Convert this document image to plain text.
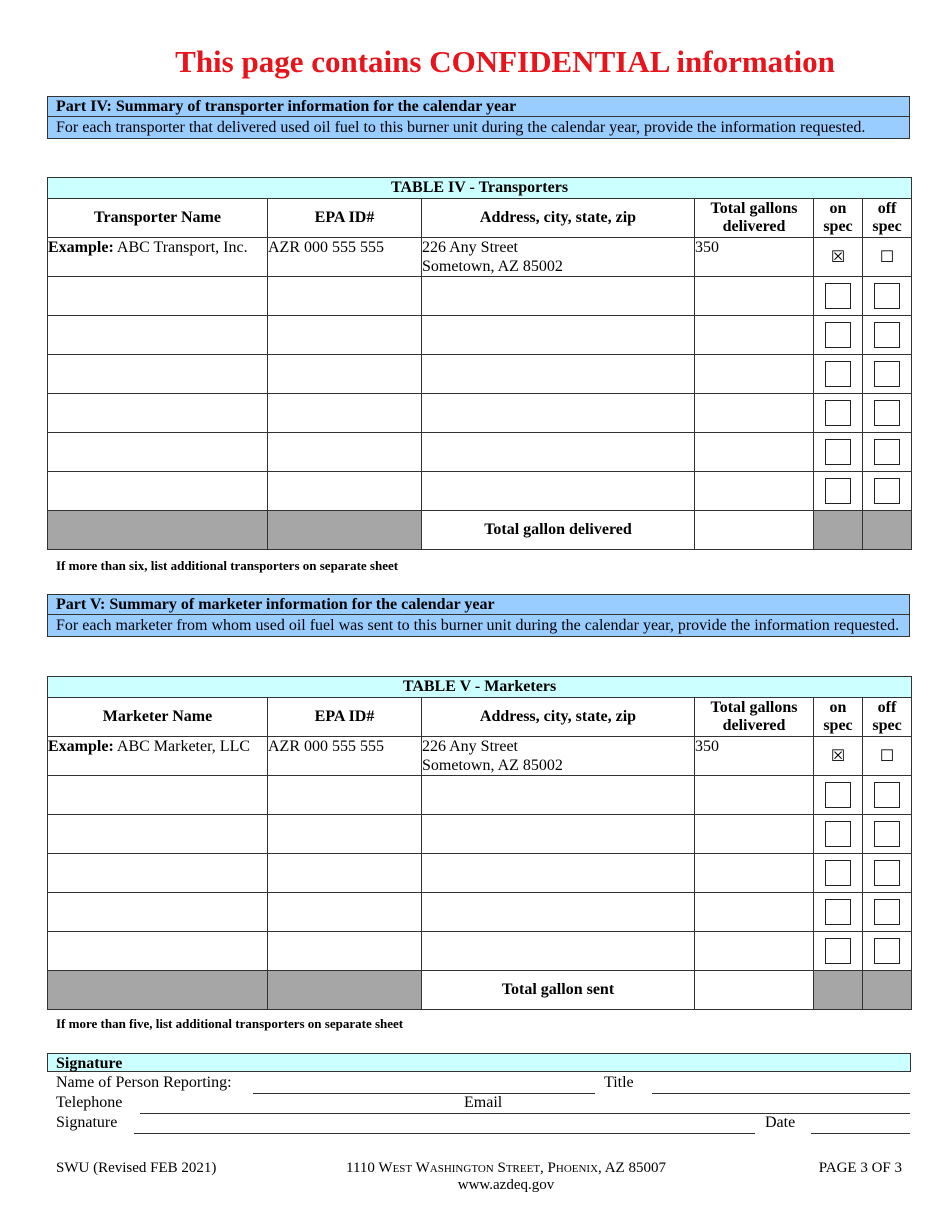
This page contains CONFIDENTIAL information
Part IV: Summary of transporter information for the calendar year
For each transporter that delivered used oil fuel to this burner unit during the calendar year, provide the information requested.
TABLE IV - Transporters					
Transporter Name	EPA ID#	Address, city, state, zip	Total gallons delivered	on spec	off spec
Example: ABC Transport, Inc.	AZR 000 555 555	226 Any Street
Sometown, AZ 85002	350	☒	☐

		Total gallon delivered			
If more than six, list additional transporters on separate sheet
Part V: Summary of marketer information for the calendar year
For each marketer from whom used oil fuel was sent to this burner unit during the calendar year, provide the information requested.
TABLE V - Marketers					
Marketer Name	EPA ID#	Address, city, state, zip	Total gallons delivered	on spec	off spec
Example: ABC Marketer, LLC	AZR 000 555 555	226 Any Street
Sometown, AZ 85002	350	☒	☐

		Total gallon sent			
If more than five, list additional transporters on separate sheet
Signature
Name of Person Reporting:	Title
Telephone	Email
Signature	Date
SWU (Revised FEB 2021)	1110 West Washington Street, Phoenix, AZ 85007
www.azdeq.gov
PAGE 3 OF 3
